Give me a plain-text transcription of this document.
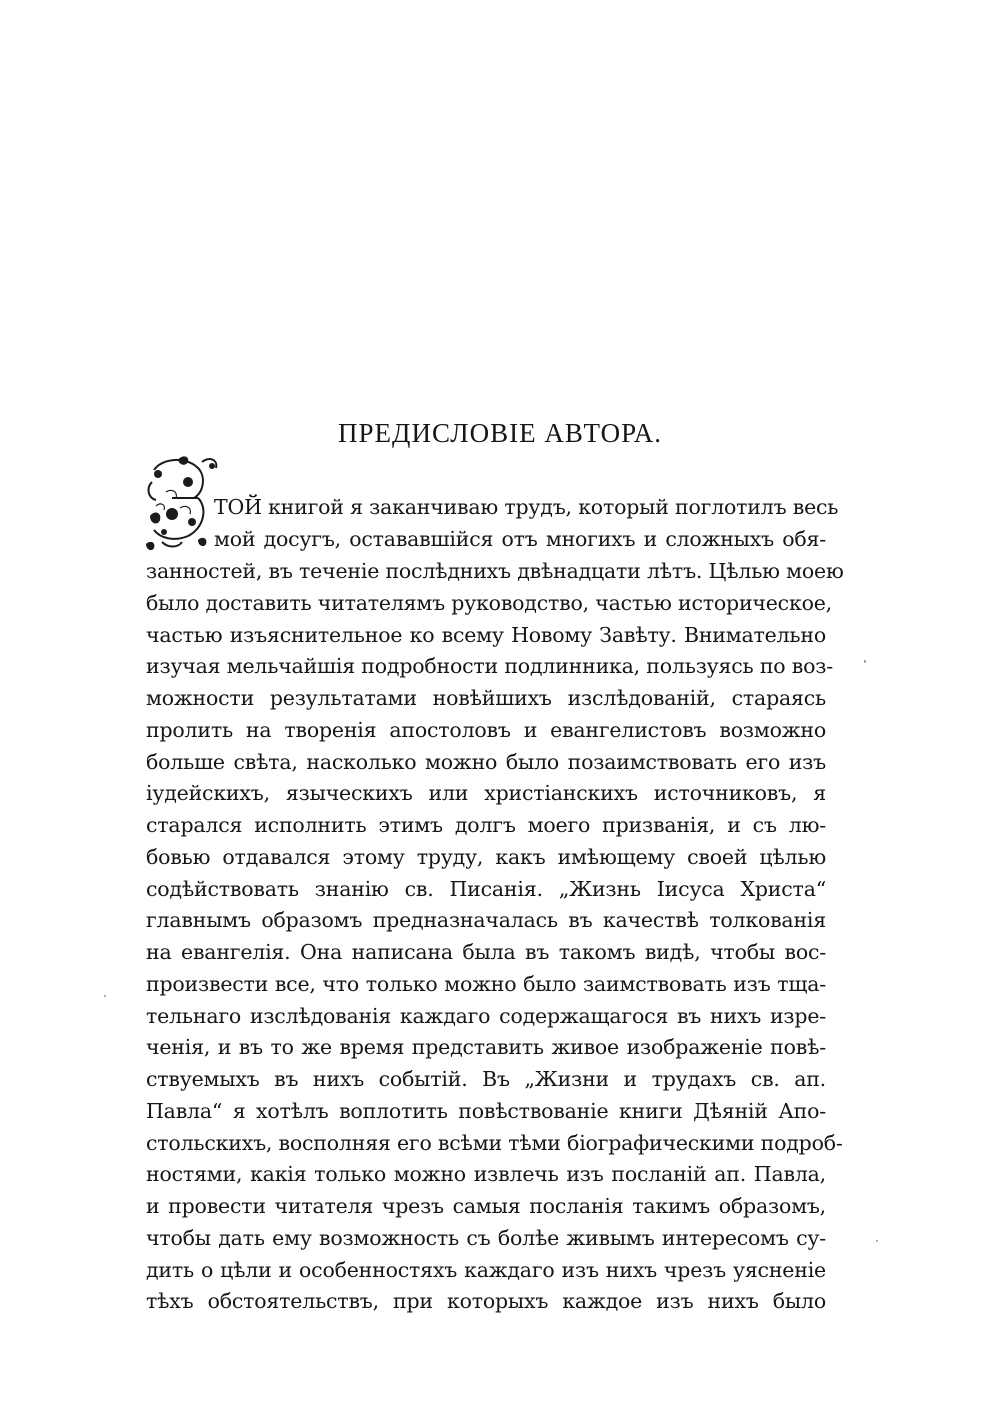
ПРЕДИСЛОВІЕ АВТОРА.
ТОЙ книгой я заканчиваю трудъ, который поглотилъ весь
мой досугъ, остававшійся отъ многихъ и сложныхъ обя-
занностей, въ теченіе послѣднихъ двѣнадцати лѣтъ. Цѣлью моею
было доставить читателямъ руководство, частью историческое,
частью изъяснительное ко всему Новому Завѣту. Внимательно
изучая мельчайшія подробности подлинника, пользуясь по воз-
можности результатами новѣйшихъ изслѣдованій, стараясь
пролить на творенія апостоловъ и евангелистовъ возможно
больше свѣта, насколько можно было позаимствовать его изъ
іудейскихъ, языческихъ или христіанскихъ источниковъ, я
старался исполнить этимъ долгъ моего призванія, и съ лю-
бовью отдавался этому труду, какъ имѣющему своей цѣлью
содѣйствовать знанію св. Писанія. „Жизнь Іисуса Христа“
главнымъ образомъ предназначалась въ качествѣ толкованія
на евангелія. Она написана была въ такомъ видѣ, чтобы вос-
произвести все, что только можно было заимствовать изъ тща-
тельнаго изслѣдованія каждаго содержащагося въ нихъ изре-
ченія, и въ то же время представить живое изображеніе повѣ-
ствуемыхъ въ нихъ событій. Въ „Жизни и трудахъ св. ап.
Павла“ я хотѣлъ воплотить повѣствованіе книги Дѣяній Апо-
стольскихъ, восполняя его всѣми тѣми біографическими подроб-
ностями, какія только можно извлечь изъ посланій ап. Павла,
и провести читателя чрезъ самыя посланія такимъ образомъ,
чтобы дать ему возможность съ болѣе живымъ интересомъ су-
дить о цѣли и особенностяхъ каждаго изъ нихъ чрезъ уясненіе
тѣхъ обстоятельствъ, при которыхъ каждое изъ нихъ было
